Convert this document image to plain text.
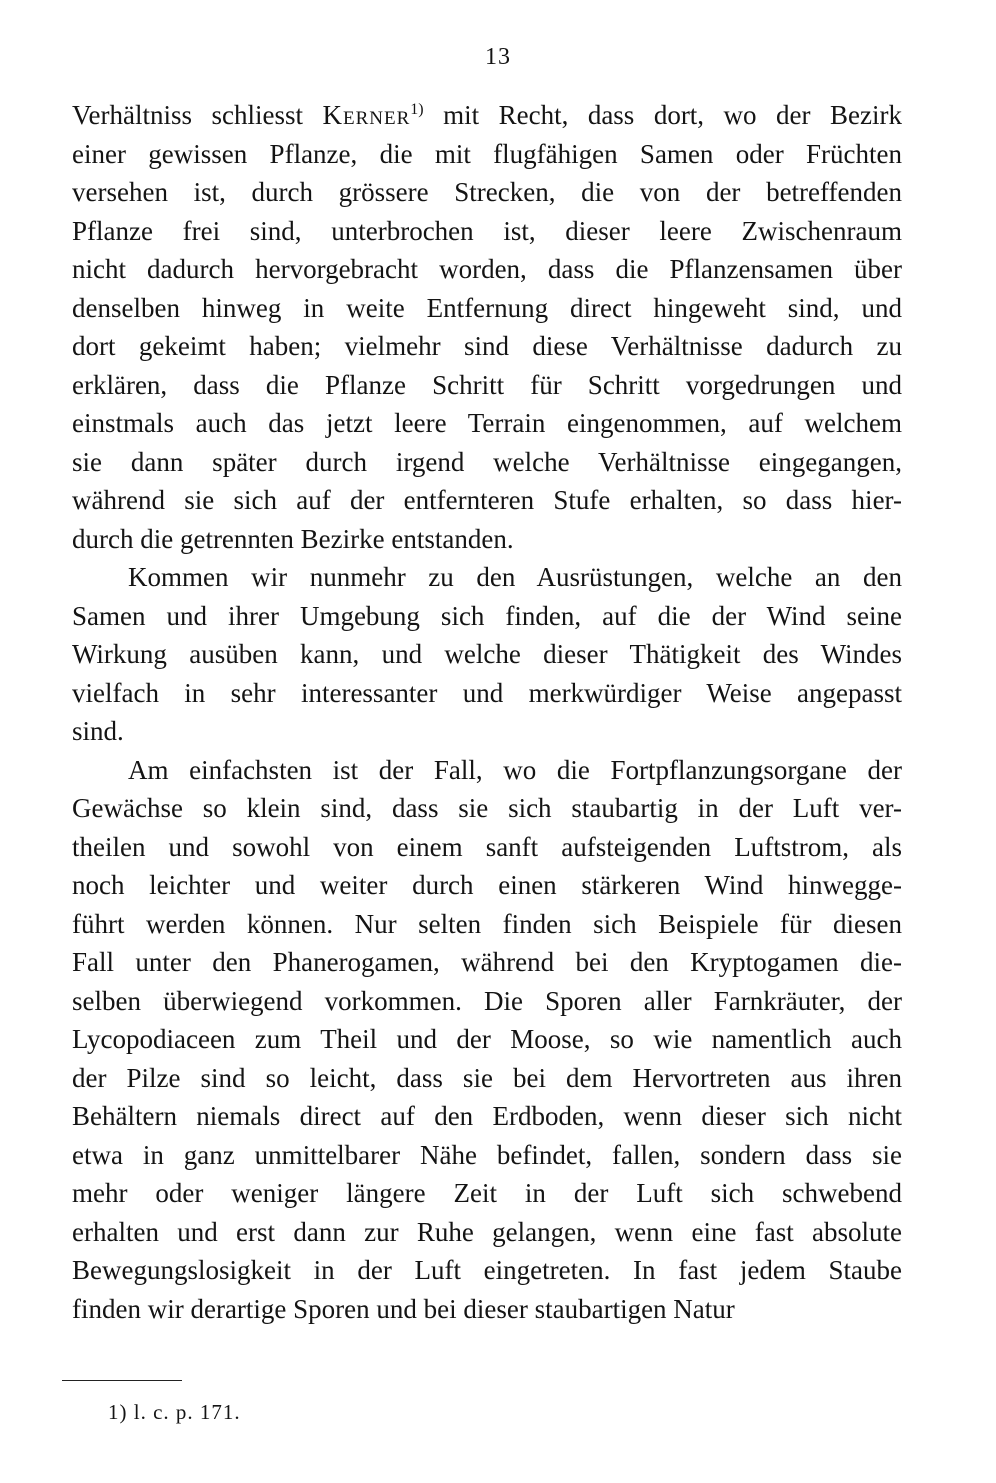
13
Verhältniss schliesst Kerner$^{1)}$ mit Recht, dass dort, wo der Bezirk
einer gewissen Pflanze, die mit flugfähigen Samen oder Früchten
versehen ist, durch grössere Strecken, die von der betreffenden
Pflanze frei sind, unterbrochen ist, dieser leere Zwischenraum
nicht dadurch hervorgebracht worden, dass die Pflanzensamen über
denselben hinweg in weite Entfernung direct hingeweht sind, und
dort gekeimt haben; vielmehr sind diese Verhältnisse dadurch zu
erklären, dass die Pflanze Schritt für Schritt vorgedrungen und
einstmals auch das jetzt leere Terrain eingenommen, auf welchem
sie dann später durch irgend welche Verhältnisse eingegangen,
während sie sich auf der entfernteren Stufe erhalten, so dass hier-
durch die getrennten Bezirke entstanden.
Kommen wir nunmehr zu den Ausrüstungen, welche an den
Samen und ihrer Umgebung sich finden, auf die der Wind seine
Wirkung ausüben kann, und welche dieser Thätigkeit des Windes
vielfach in sehr interessanter und merkwürdiger Weise angepasst
sind.
Am einfachsten ist der Fall, wo die Fortpflanzungsorgane der
Gewächse so klein sind, dass sie sich staubartig in der Luft ver-
theilen und sowohl von einem sanft aufsteigenden Luftstrom, als
noch leichter und weiter durch einen stärkeren Wind hinwegge-
führt werden können. Nur selten finden sich Beispiele für diesen
Fall unter den Phanerogamen, während bei den Kryptogamen die-
selben überwiegend vorkommen. Die Sporen aller Farnkräuter, der
Lycopodiaceen zum Theil und der Moose, so wie namentlich auch
der Pilze sind so leicht, dass sie bei dem Hervortreten aus ihren
Behältern niemals direct auf den Erdboden, wenn dieser sich nicht
etwa in ganz unmittelbarer Nähe befindet, fallen, sondern dass sie
mehr oder weniger längere Zeit in der Luft sich schwebend
erhalten und erst dann zur Ruhe gelangen, wenn eine fast absolute
Bewegungslosigkeit in der Luft eingetreten. In fast jedem Staube
finden wir derartige Sporen und bei dieser staubartigen Natur
1) l. c. p. 171.
